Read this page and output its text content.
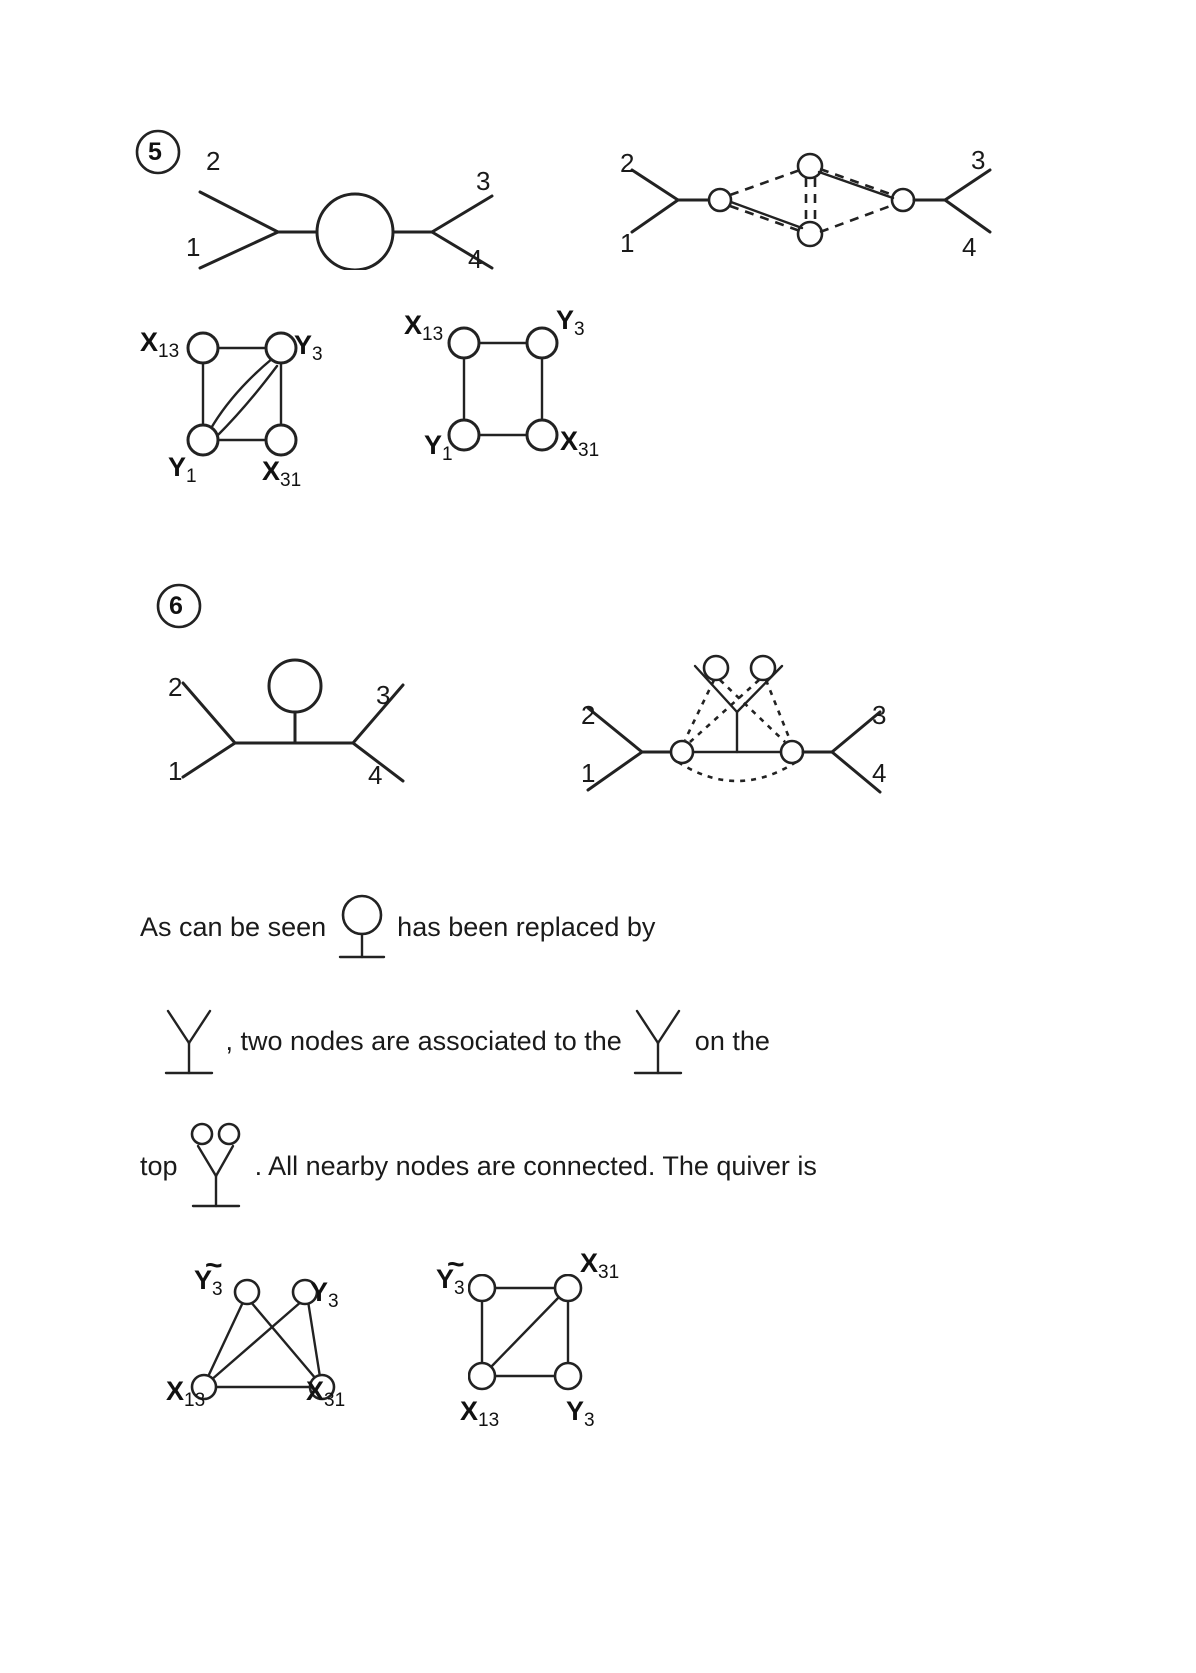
5	2
1
3
4
2
1
3
4
$X_{13}$	$Y_3$
$Y_1$ $X_{31}$
$X_{13}$	$Y_3$
$Y_1$	$X_{31}$
6
2
1
3
4
2
1
3
4
As can be seen	has been replaced by
, two nodes are associated to the	on the
top	. All nearby nodes are connected. The quiver is
$\sim Y_3$	$Y_3$
$X_{13}$	$X_{31}$
$\sim Y_3$
$X_{31}$
$X_{13}$ $Y_3$
